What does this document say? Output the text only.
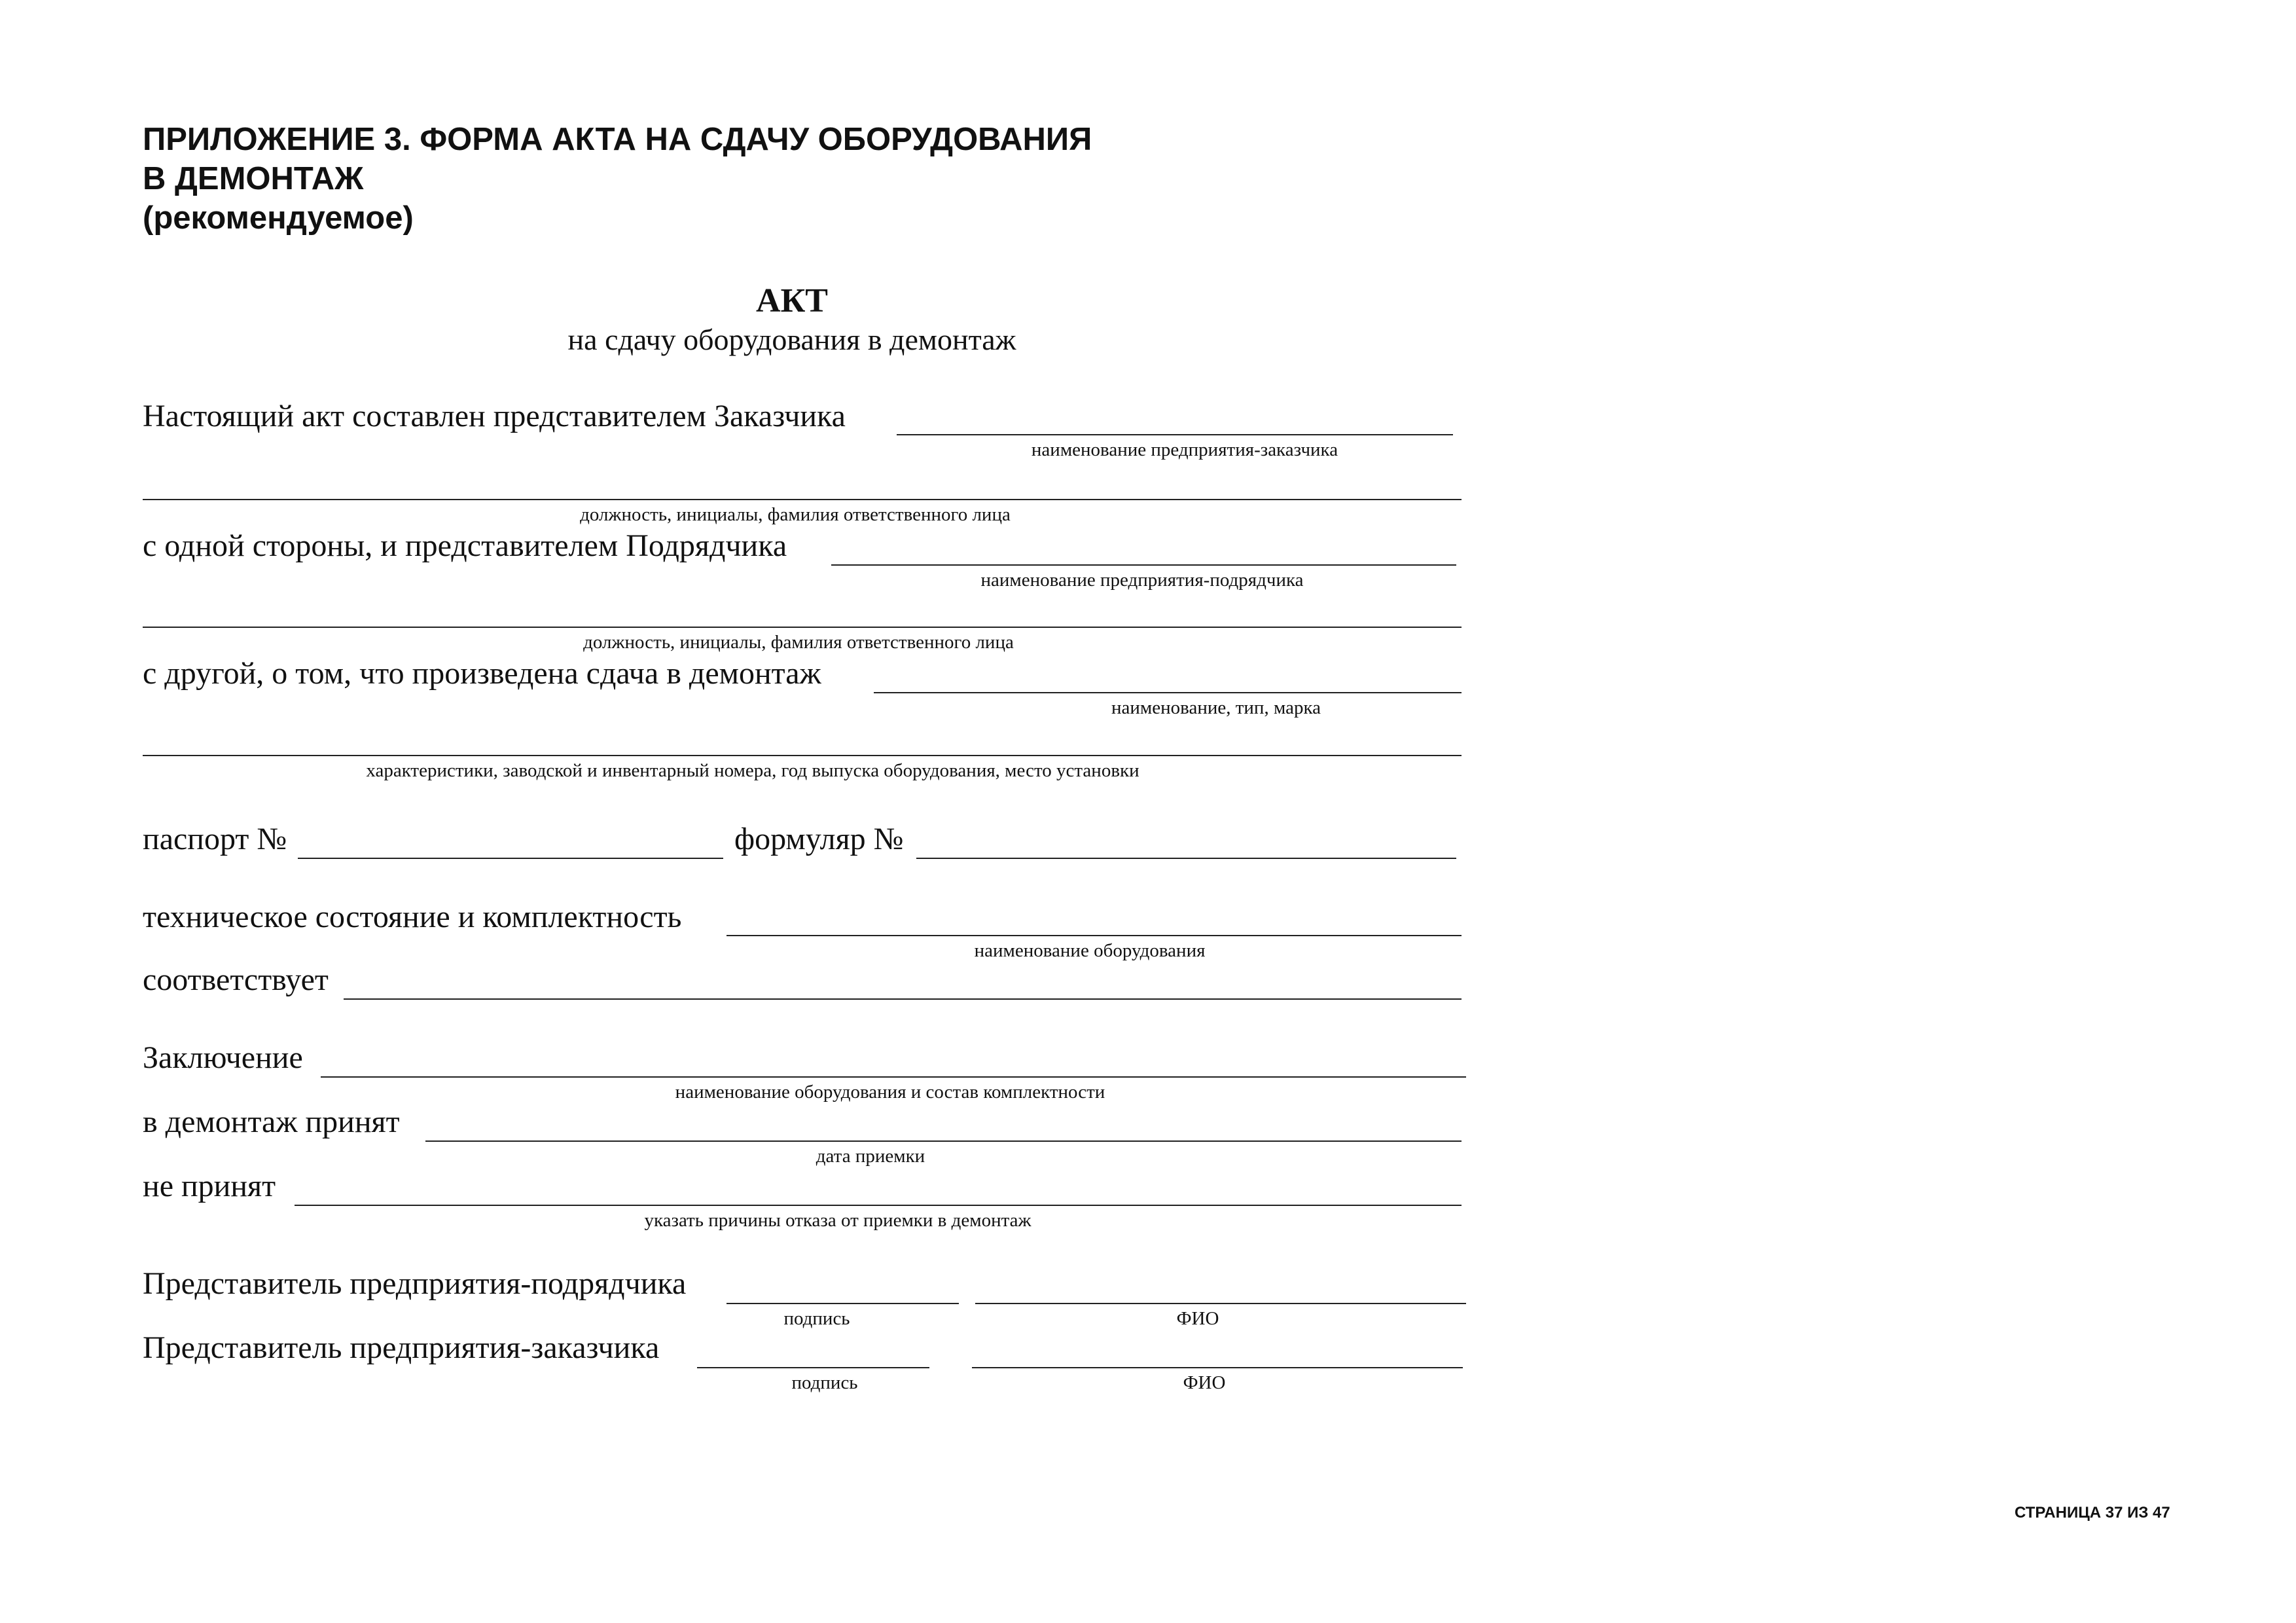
ПРИЛОЖЕНИЕ 3. ФОРМА АКТА НА СДАЧУ ОБОРУДОВАНИЯ
В ДЕМОНТАЖ
(рекомендуемое)
АКТ
на сдачу оборудования в демонтаж
Настоящий акт составлен представителем Заказчика
наименование предприятия-заказчика
должность, инициалы, фамилия ответственного лица
с одной стороны, и представителем Подрядчика
наименование предприятия-подрядчика
должность, инициалы, фамилия ответственного лица
с другой, о том, что произведена сдача в демонтаж
наименование, тип, марка
характеристики, заводской и инвентарный номера, год выпуска оборудования, место установки
паспорт №	формуляр №
техническое состояние и комплектность
наименование оборудования
соответствует
Заключение
наименование оборудования и состав комплектности
в демонтаж принят
дата приемки
не принят
указать причины отказа от приемки в демонтаж
Представитель предприятия-подрядчика
подпись	ФИО
Представитель предприятия-заказчика
подпись	ФИО
СТРАНИЦА 37 ИЗ 47
